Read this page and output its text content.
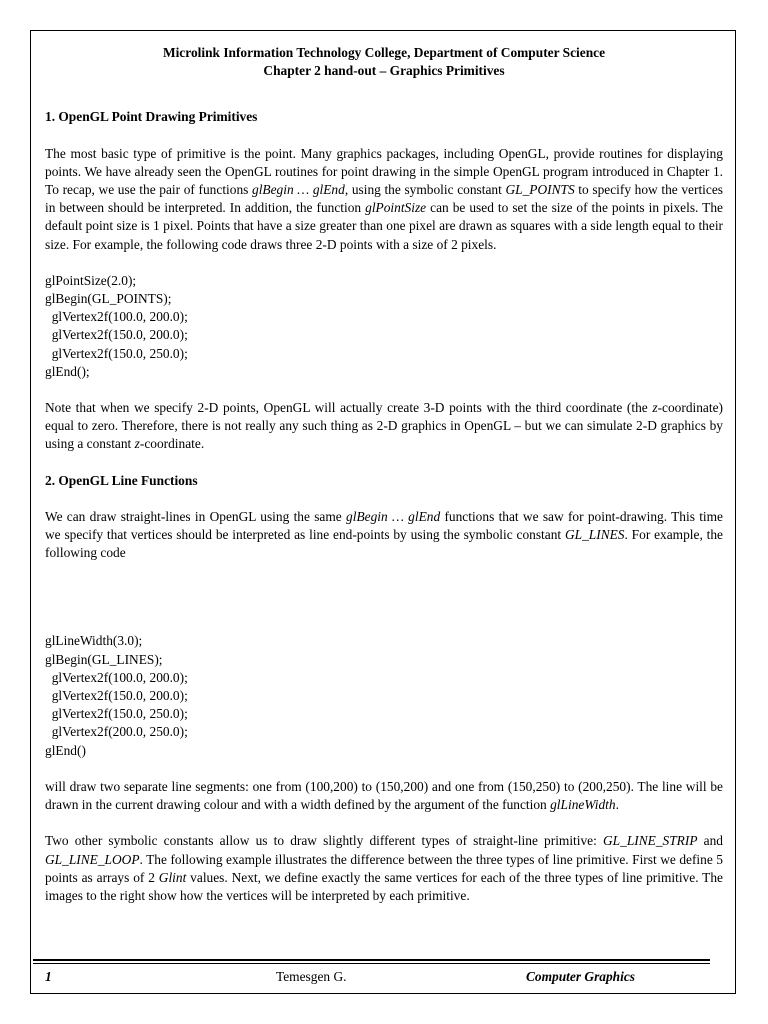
Microlink Information Technology College, Department of Computer Science

Chapter 2 hand-out – Graphics Primitives

1. OpenGL Point Drawing Primitives

The most basic type of primitive is the point. Many graphics packages, including OpenGL, provide routines for displaying points. We have already seen the OpenGL routines for point drawing in the simple OpenGL program introduced in Chapter 1. To recap, we use the pair of functions glBegin … glEnd, using the symbolic constant GL_POINTS to specify how the vertices in between should be interpreted. In addition, the function glPointSize can be used to set the size of the points in pixels. The default point size is 1 pixel. Points that have a size greater than one pixel are drawn as squares with a side length equal to their size. For example, the following code draws three 2-D points with a size of 2 pixels.

glPointSize(2.0);
glBegin(GL_POINTS);
glVertex2f(100.0, 200.0);
glVertex2f(150.0, 200.0);
glVertex2f(150.0, 250.0);
glEnd();

Note that when we specify 2-D points, OpenGL will actually create 3-D points with the third coordinate (the z-coordinate) equal to zero. Therefore, there is not really any such thing as 2-D graphics in OpenGL – but we can simulate 2-D graphics by using a constant z-coordinate.

2. OpenGL Line Functions

We can draw straight-lines in OpenGL using the same glBegin … glEnd functions that we saw for point-drawing. This time we specify that vertices should be interpreted as line end-points by using the symbolic constant GL_LINES. For example, the following code

glLineWidth(3.0);
glBegin(GL_LINES);
glVertex2f(100.0, 200.0);
glVertex2f(150.0, 200.0);
glVertex2f(150.0, 250.0);
glVertex2f(200.0, 250.0);
glEnd()

will draw two separate line segments: one from (100,200) to (150,200) and one from (150,250) to (200,250). The line will be drawn in the current drawing colour and with a width defined by the argument of the function glLineWidth.

Two other symbolic constants allow us to draw slightly different types of straight-line primitive: GL_LINE_STRIP and GL_LINE_LOOP. The following example illustrates the difference between the three types of line primitive. First we define 5 points as arrays of 2 Glint values. Next, we define exactly the same vertices for each of the three types of line primitive. The images to the right show how the vertices will be interpreted by each primitive.

1	Temesgen G.	Computer Graphics
